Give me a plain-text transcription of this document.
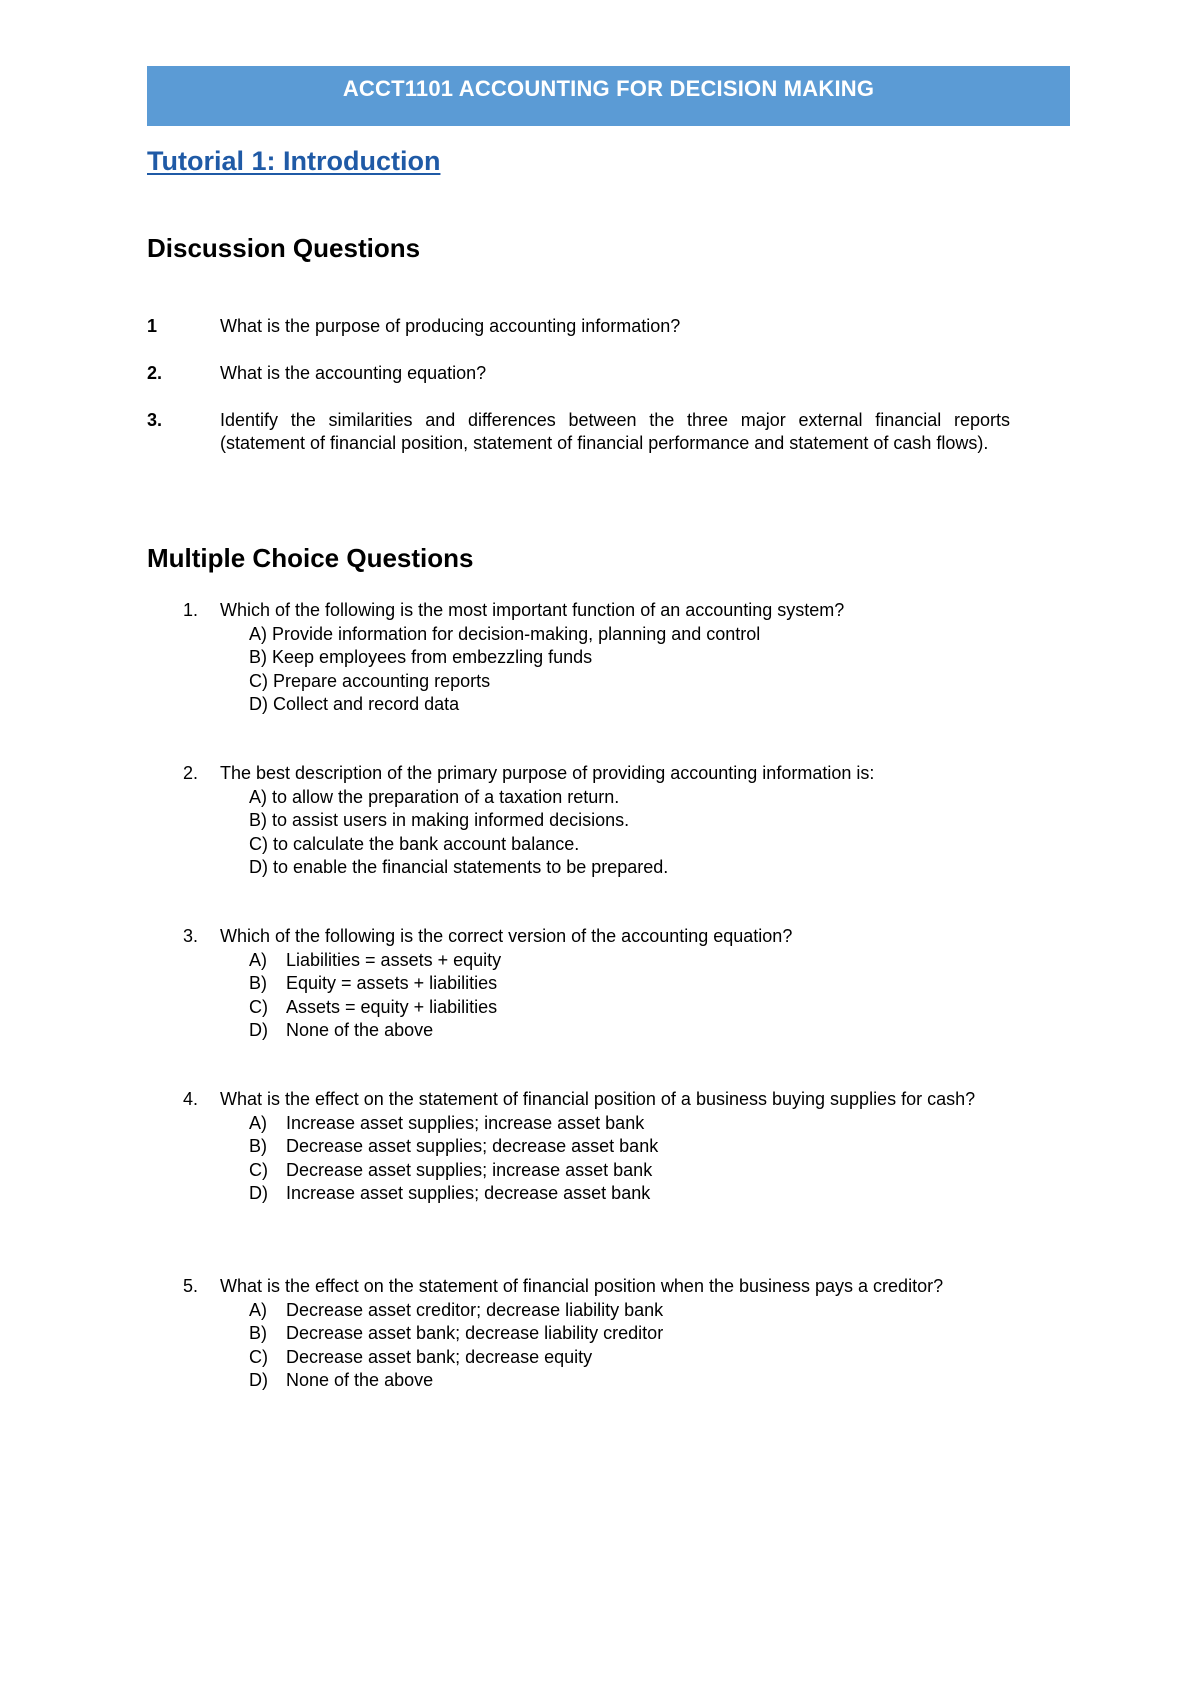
ACCT1101 ACCOUNTING FOR DECISION MAKING
Tutorial 1: Introduction
Discussion Questions
1	What is the purpose of producing accounting information?
2.	What is the accounting equation?
3.	Identify the similarities and differences between the three major external financial reports (statement of financial position, statement of financial performance and statement of cash flows).
Multiple Choice Questions
1. Which of the following is the most important function of an accounting system?
A) Provide information for decision-making, planning and control
B) Keep employees from embezzling funds
C) Prepare accounting reports
D) Collect and record data
2. The best description of the primary purpose of providing accounting information is:
A) to allow the preparation of a taxation return.
B) to assist users in making informed decisions.
C) to calculate the bank account balance.
D) to enable the financial statements to be prepared.
3. Which of the following is the correct version of the accounting equation?
A) Liabilities = assets + equity
B) Equity = assets + liabilities
C) Assets = equity + liabilities
D) None of the above
4. What is the effect on the statement of financial position of a business buying supplies for cash?
A) Increase asset supplies; increase asset bank
B) Decrease asset supplies; decrease asset bank
C) Decrease asset supplies; increase asset bank
D) Increase asset supplies; decrease asset bank
5. What is the effect on the statement of financial position when the business pays a creditor?
A) Decrease asset creditor; decrease liability bank
B) Decrease asset bank; decrease liability creditor
C) Decrease asset bank; decrease equity
D) None of the above
